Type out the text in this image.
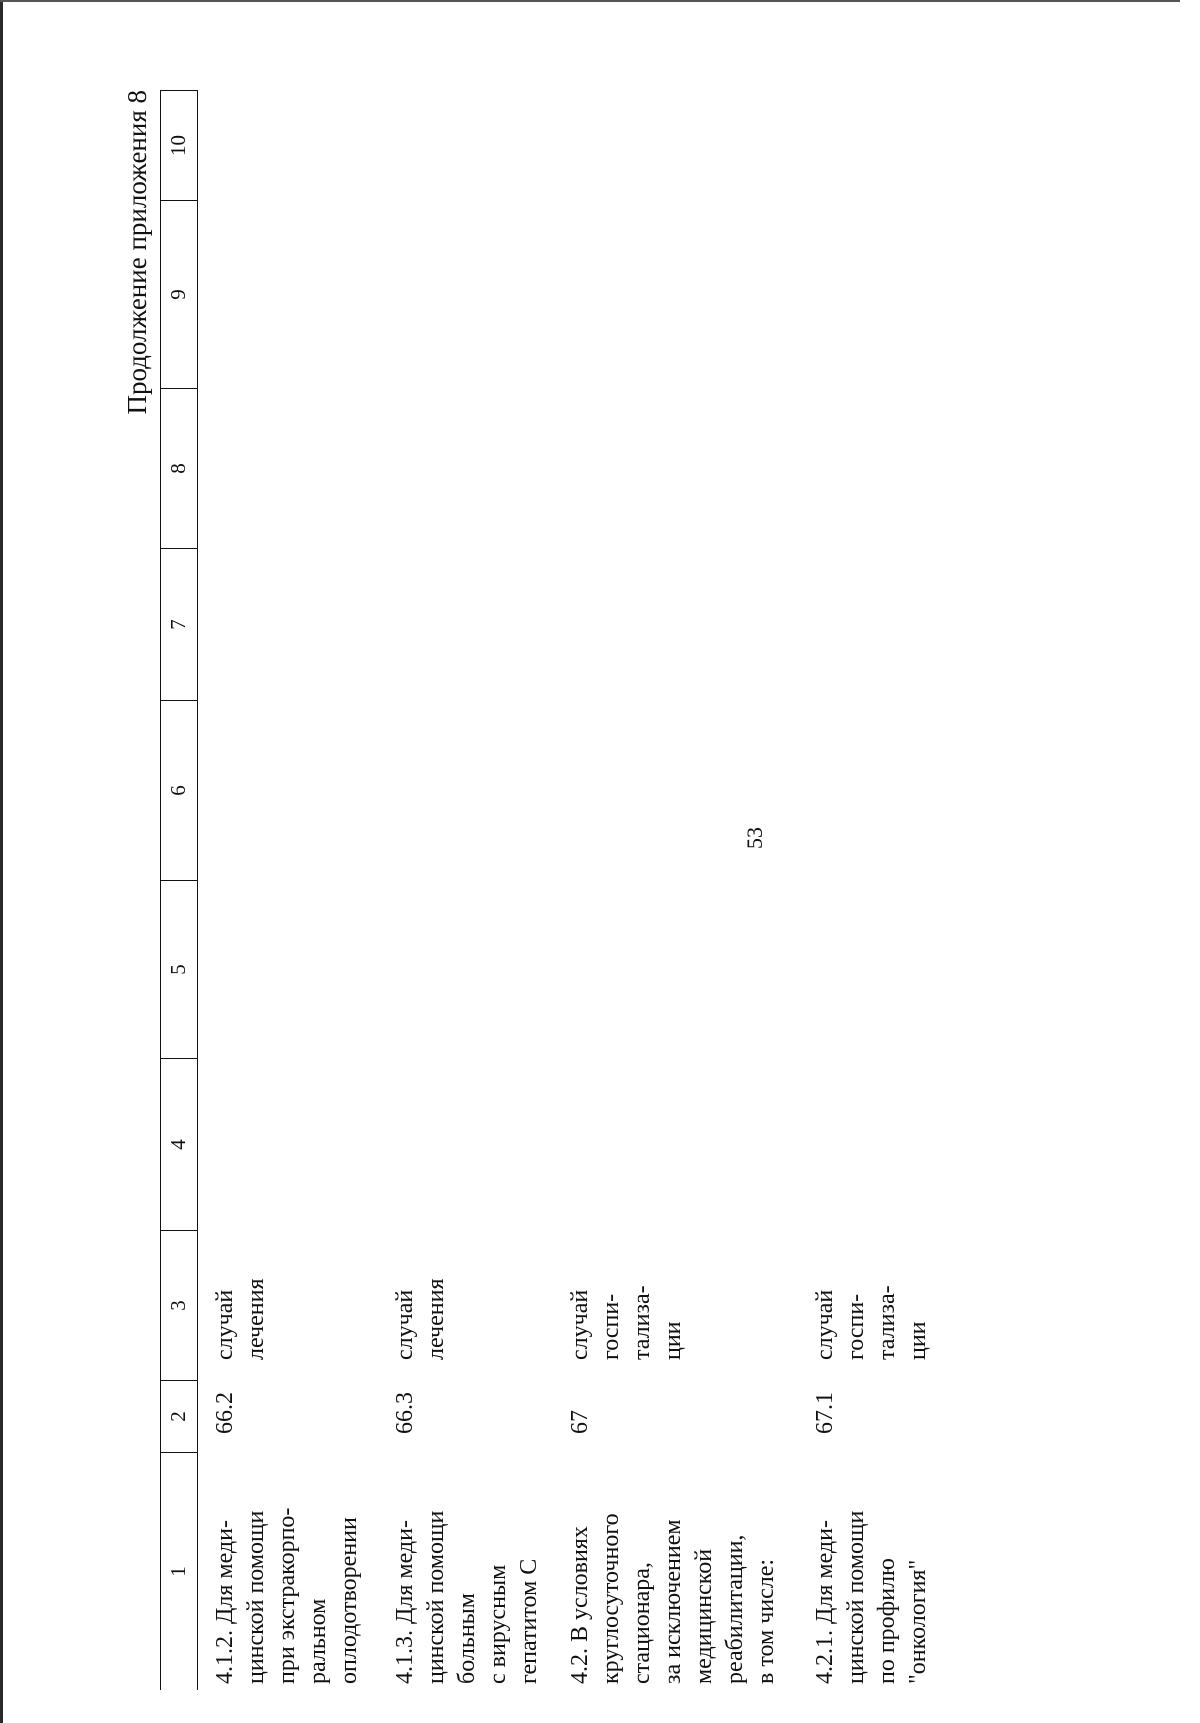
53
Продолжение приложения 8
1
2
3
4
5
6
7
8
9
10
4.1.2. Для меди- цинской помощи при экстракорпо- ральном оплодотворении
66.2
случай лечения
4.1.3. Для меди- цинской помощи больным с вирусным гепатитом C
66.3
случай лечения
4.2. В условиях круглосуточного стационара, за исключением медицинской реабилитации, в том числе:
67
случай госпи- тализа- ции
4.2.1. Для меди- цинской помощи по профилю "онкология"
67.1
случай госпи- тализа- ции
